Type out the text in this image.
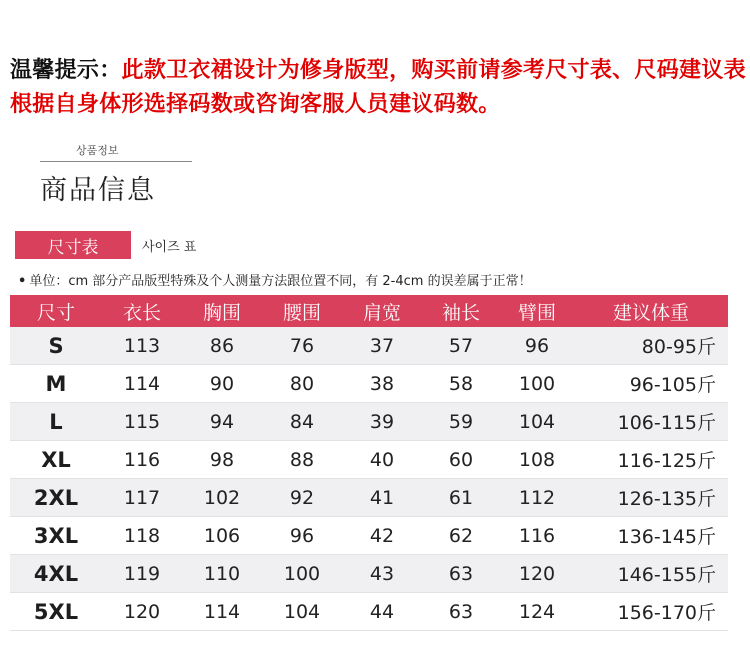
温馨提示：此款卫衣裙设计为修身版型，购买前请参考尺寸表、尺码建议表根据自身体形选择码数或咨询客服人员建议码数。
상품정보
商品信息
尺寸表	사이즈 표
• 单位：cm 部分产品版型特殊及个人测量方法跟位置不同，有 2-4cm 的误差属于正常！
尺寸	衣长	胸围	腰围	肩宽	袖长	臂围	建议体重
S	113	86	76	37	57	96	80-95斤
M	114	90	80	38	58	100	96-105斤
L	115	94	84	39	59	104	106-115斤
XL	116	98	88	40	60	108	116-125斤
2XL	117	102	92	41	61	112	126-135斤
3XL	118	106	96	42	62	116	136-145斤
4XL	119	110	100	43	63	120	146-155斤
5XL	120	114	104	44	63	124	156-170斤
